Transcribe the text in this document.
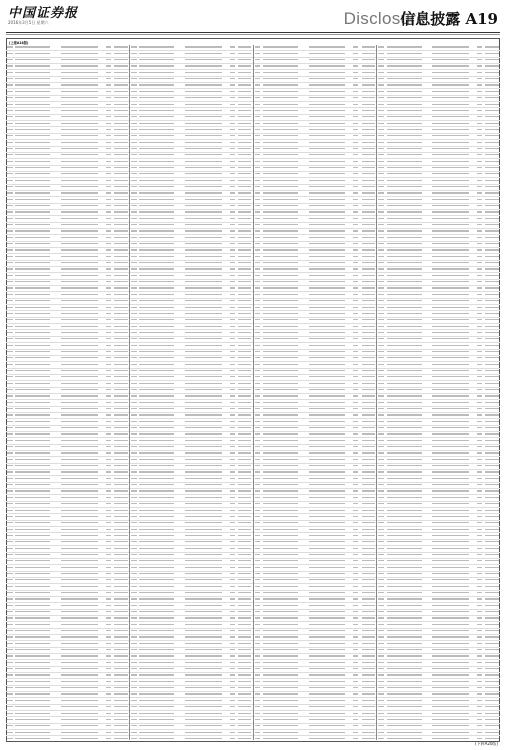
中国证券报
2016年3月5日 星期六	Disclosure
信息披露 A19
(上接A18版)
(下转A20版)
